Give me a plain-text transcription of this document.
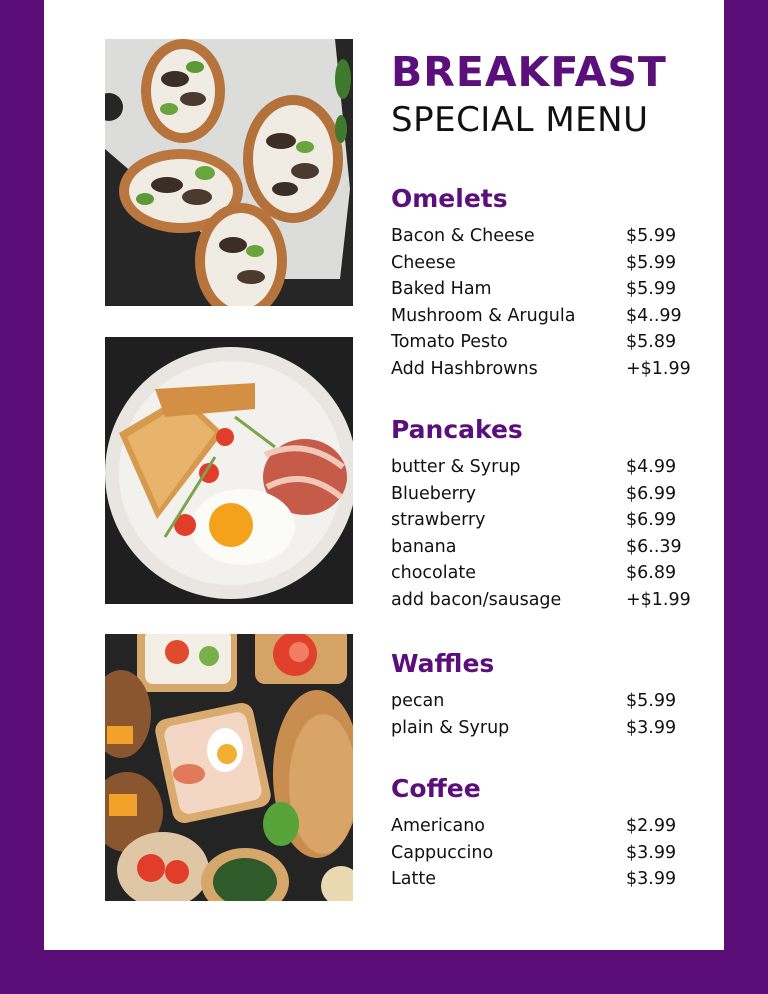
BREAKFAST
SPECIAL MENU
Omelets
Bacon & Cheese	$5.99
Cheese	$5.99
Baked Ham	$5.99
Mushroom & Arugula	$4..99
Tomato Pesto	$5.89
Add Hashbrowns	+$1.99
Pancakes
butter & Syrup	$4.99
Blueberry	$6.99
strawberry	$6.99
banana	$6..39
chocolate	$6.89
add bacon/sausage	+$1.99
Waffles
pecan	$5.99
plain & Syrup	$3.99
Coffee
Americano	$2.99
Cappuccino	$3.99
Latte	$3.99
